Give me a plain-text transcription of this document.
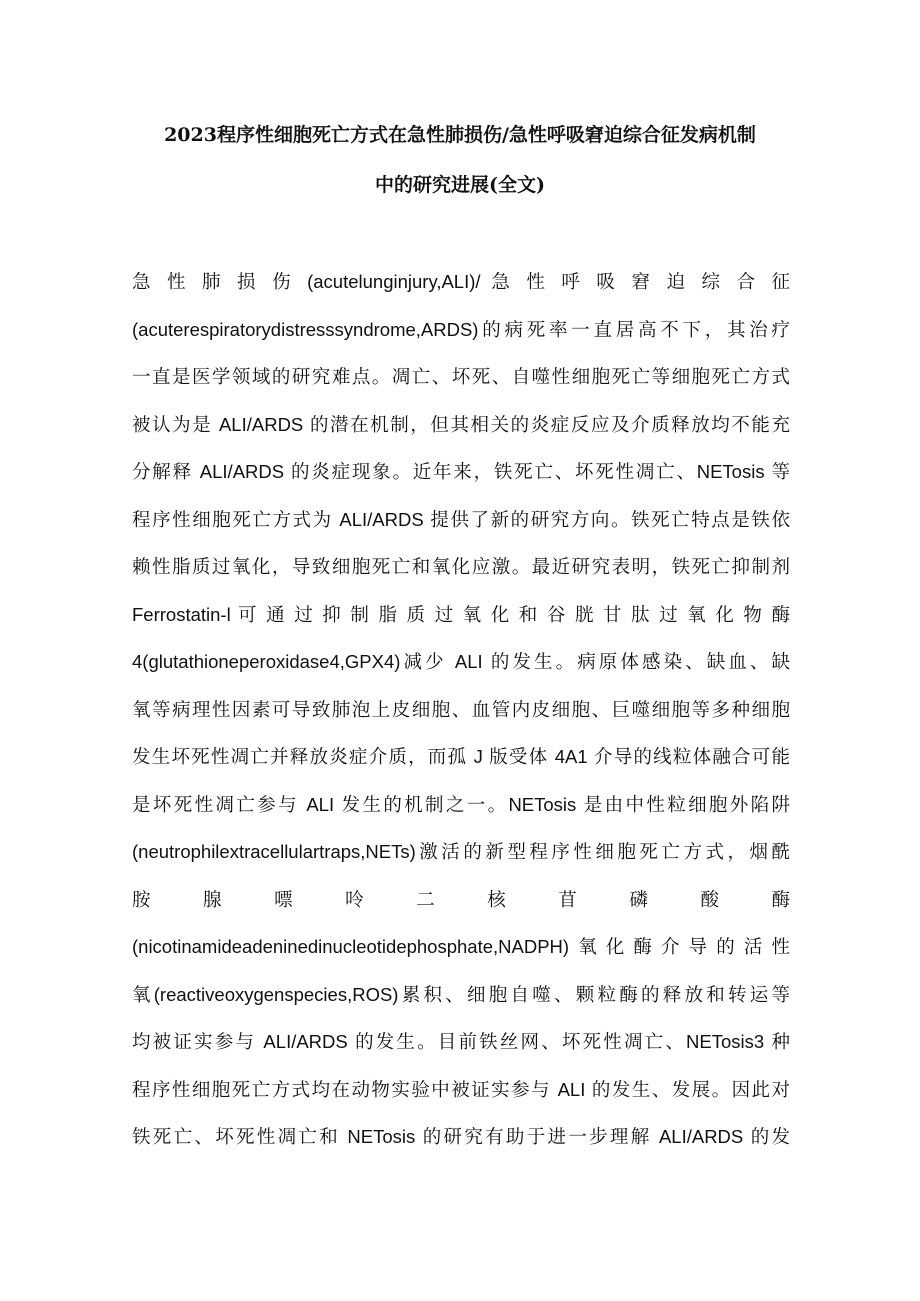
2023程序性细胞死亡方式在急性肺损伤/急性呼吸窘迫综合征发病机制
中的研究进展(全文)
急 性 肺 损 伤 (acutelunginjury,ALI)/ 急 性 呼 吸 窘 迫 综 合 征
(acuterespiratorydistresssyndrome,ARDS)的病死率一直居高不下，其治疗
一直是医学领域的研究难点。凋亡、坏死、自噬性细胞死亡等细胞死亡方式
被认为是 ALI/ARDS 的潜在机制，但其相关的炎症反应及介质释放均不能充
分解释 ALI/ARDS 的炎症现象。近年来，铁死亡、坏死性凋亡、NETosis 等
程序性细胞死亡方式为 ALI/ARDS 提供了新的研究方向。铁死亡特点是铁依
赖性脂质过氧化，导致细胞死亡和氧化应激。最近研究表明，铁死亡抑制剂
Ferrostatin-l 可 通 过 抑 制 脂 质 过 氧 化 和 谷 胱 甘 肽 过 氧 化 物 酶
4(glutathioneperoxidase4,GPX4)减少 ALI 的发生。病原体感染、缺血、缺
氧等病理性因素可导致肺泡上皮细胞、血管内皮细胞、巨噬细胞等多种细胞
发生坏死性凋亡并释放炎症介质，而孤 J 版受体 4A1 介导的线粒体融合可能
是坏死性凋亡参与 ALI 发生的机制之一。NETosis 是由中性粒细胞外陷阱
(neutrophilextracellulartraps,NETs)激活的新型程序性细胞死亡方式，烟酰
胺 腺 嘌 呤 二 核 苜 磷 酸 酶
(nicotinamideadeninedinucleotidephosphate,NADPH)氧化酶介导的活性
氧(reactiveoxygenspecies,ROS)累积、细胞自噬、颗粒酶的释放和转运等
均被证实参与 ALI/ARDS 的发生。目前铁丝网、坏死性凋亡、NETosis3 种
程序性细胞死亡方式均在动物实验中被证实参与 ALI 的发生、发展。因此对
铁死亡、坏死性凋亡和 NETosis 的研究有助于进一步理解 ALI/ARDS 的发
